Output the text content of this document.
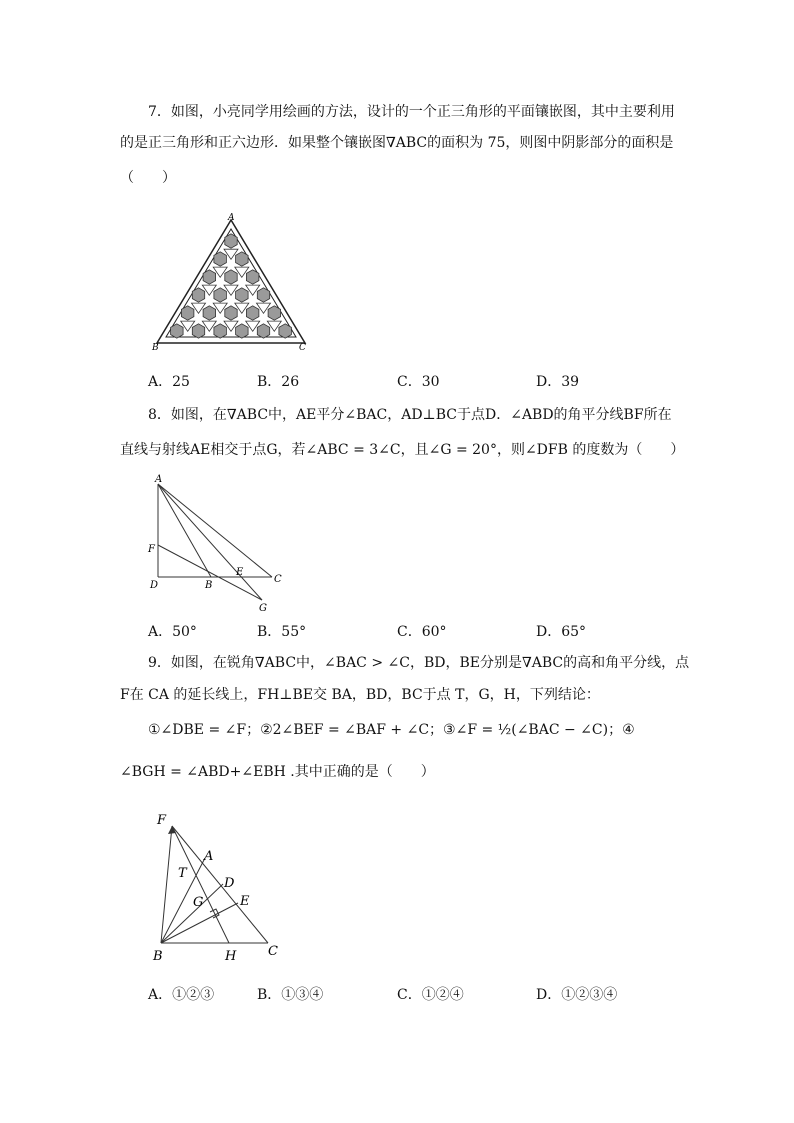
7．如图，小亮同学用绘画的方法，设计的一个正三角形的平面镶嵌图，其中主要利用
的是正三角形和正六边形．如果整个镶嵌图∇ABC的面积为 75，则图中阴影部分的面积是
（　　）
A
B	C
A．25	B．26	C．30	D．39
8．如图，在∇ABC中，AE平分∠BAC，AD⊥BC于点D．∠ABD的角平分线BF所在
直线与射线AE相交于点G，若∠ABC = 3∠C，且∠G = 20°，则∠DFB 的度数为（　　）
A
F
D	B
E
C
G
A．50°	B．55°	C．60°	D．65°
9．如图，在锐角∇ABC中，∠BAC > ∠C，BD，BE分别是∇ABC的高和角平分线，点
F在 CA 的延长线上，FH⊥BE交 BA，BD，BC于点 T，G，H，下列结论：
①∠DBE = ∠F；②2∠BEF = ∠BAF + ∠C；③∠F = ½(∠BAC − ∠C)；④
∠BGH = ∠ABD+∠EBH .其中正确的是（　　）
F
A
T
D
E
G
B	H C
A．①②③	B．①③④	C．①②④	D．①②③④
